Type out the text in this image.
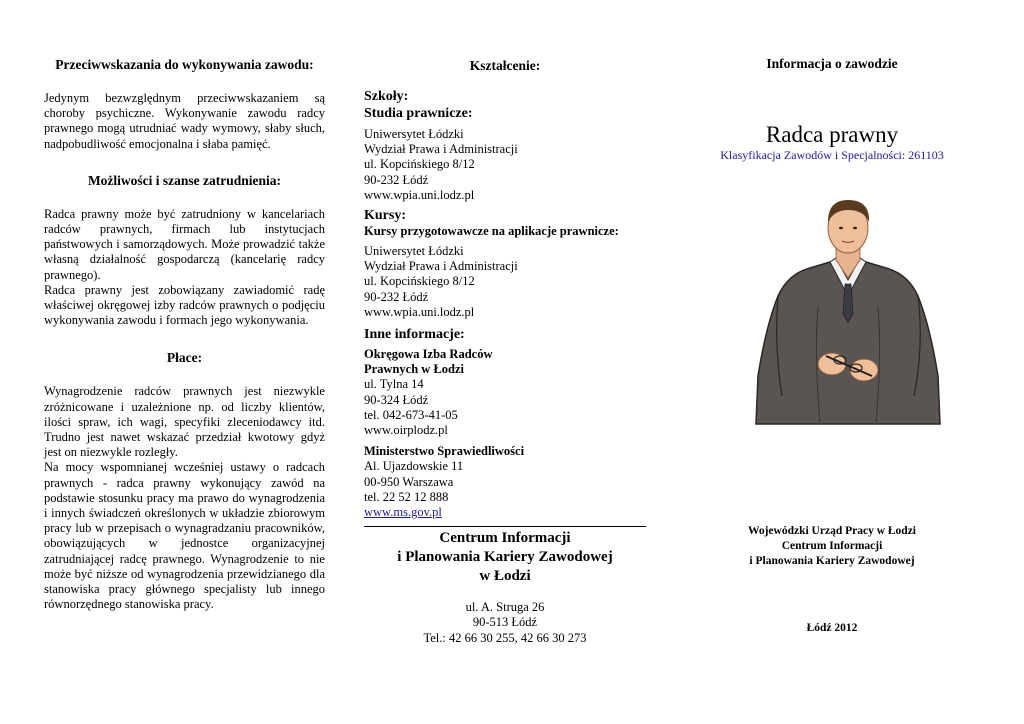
Przeciwwskazania do wykonywania zawodu:
Jedynym bezwzględnym przeciwwskazaniem są choroby psychiczne. Wykonywanie zawodu radcy prawnego mogą utrudniać wady wymowy, słaby słuch, nadpobudliwość emocjonalna i słaba pamięć.
Możliwości i szanse zatrudnienia:

Radca prawny może być zatrudniony w kancelariach radców prawnych, firmach lub instytucjach państwowych i samorządowych. Może prowadzić także własną działalność gospodarczą (kancelarię radcy prawnego).

Radca prawny jest zobowiązany zawiadomić radę właściwej okręgowej izby radców prawnych o podjęciu wykonywania zawodu i formach jego wykonywania.

Płace:

Wynagrodzenie radców prawnych jest niezwykle zróżnicowane i uzależnione np. od liczby klientów, ilości spraw, ich wagi, specyfiki zleceniodawcy itd. Trudno jest nawet wskazać przedział kwotowy gdyż jest on niezwykle rozległy.

Na mocy wspomnianej wcześniej ustawy o radcach prawnych - radca prawny wykonujący zawód na podstawie stosunku pracy ma prawo do wynagrodzenia i innych świadczeń określonych w układzie zbiorowym pracy lub w przepisach o wynagradzaniu pracowników, obowiązujących w jednostce organizacyjnej zatrudniającej radcę prawnego. Wynagrodzenie to nie może być niższe od wynagrodzenia przewidzianego dla stanowiska pracy głównego specjalisty lub innego równorzędnego stanowiska pracy.

Kształcenie:
Szkoły:
Studia prawnicze:
Uniwersytet Łódzki
Wydział Prawa i Administracji
ul. Kopcińskiego 8/12
90-232 Łódź
www.wpia.uni.lodz.pl
Kursy:
Kursy przygotowawcze na aplikacje prawnicze:
Uniwersytet Łódzki
Wydział Prawa i Administracji
ul. Kopcińskiego 8/12
90-232 Łódź
www.wpia.uni.lodz.pl
Inne informacje:
Okręgowa Izba Radców
Prawnych w Łodzi
ul. Tylna 14
90-324 Łódź
tel. 042-673-41-05
www.oirplodz.pl
Ministerstwo Sprawiedliwości
Al. Ujazdowskie 11
00-950 Warszawa
tel. 22 52 12 888
www.ms.gov.pl
Centrum Informacji
i Planowania Kariery Zawodowej
w Łodzi
ul. A. Struga 26
90-513 Łódź
Tel.: 42 66 30 255, 42 66 30 273
Informacja o zawodzie
Radca prawny
Klasyfikacja Zawodów i Specjalności: 261103
Wojewódzki Urząd Pracy w Łodzi
Centrum Informacji
i Planowania Kariery Zawodowej
Łódź 2012
